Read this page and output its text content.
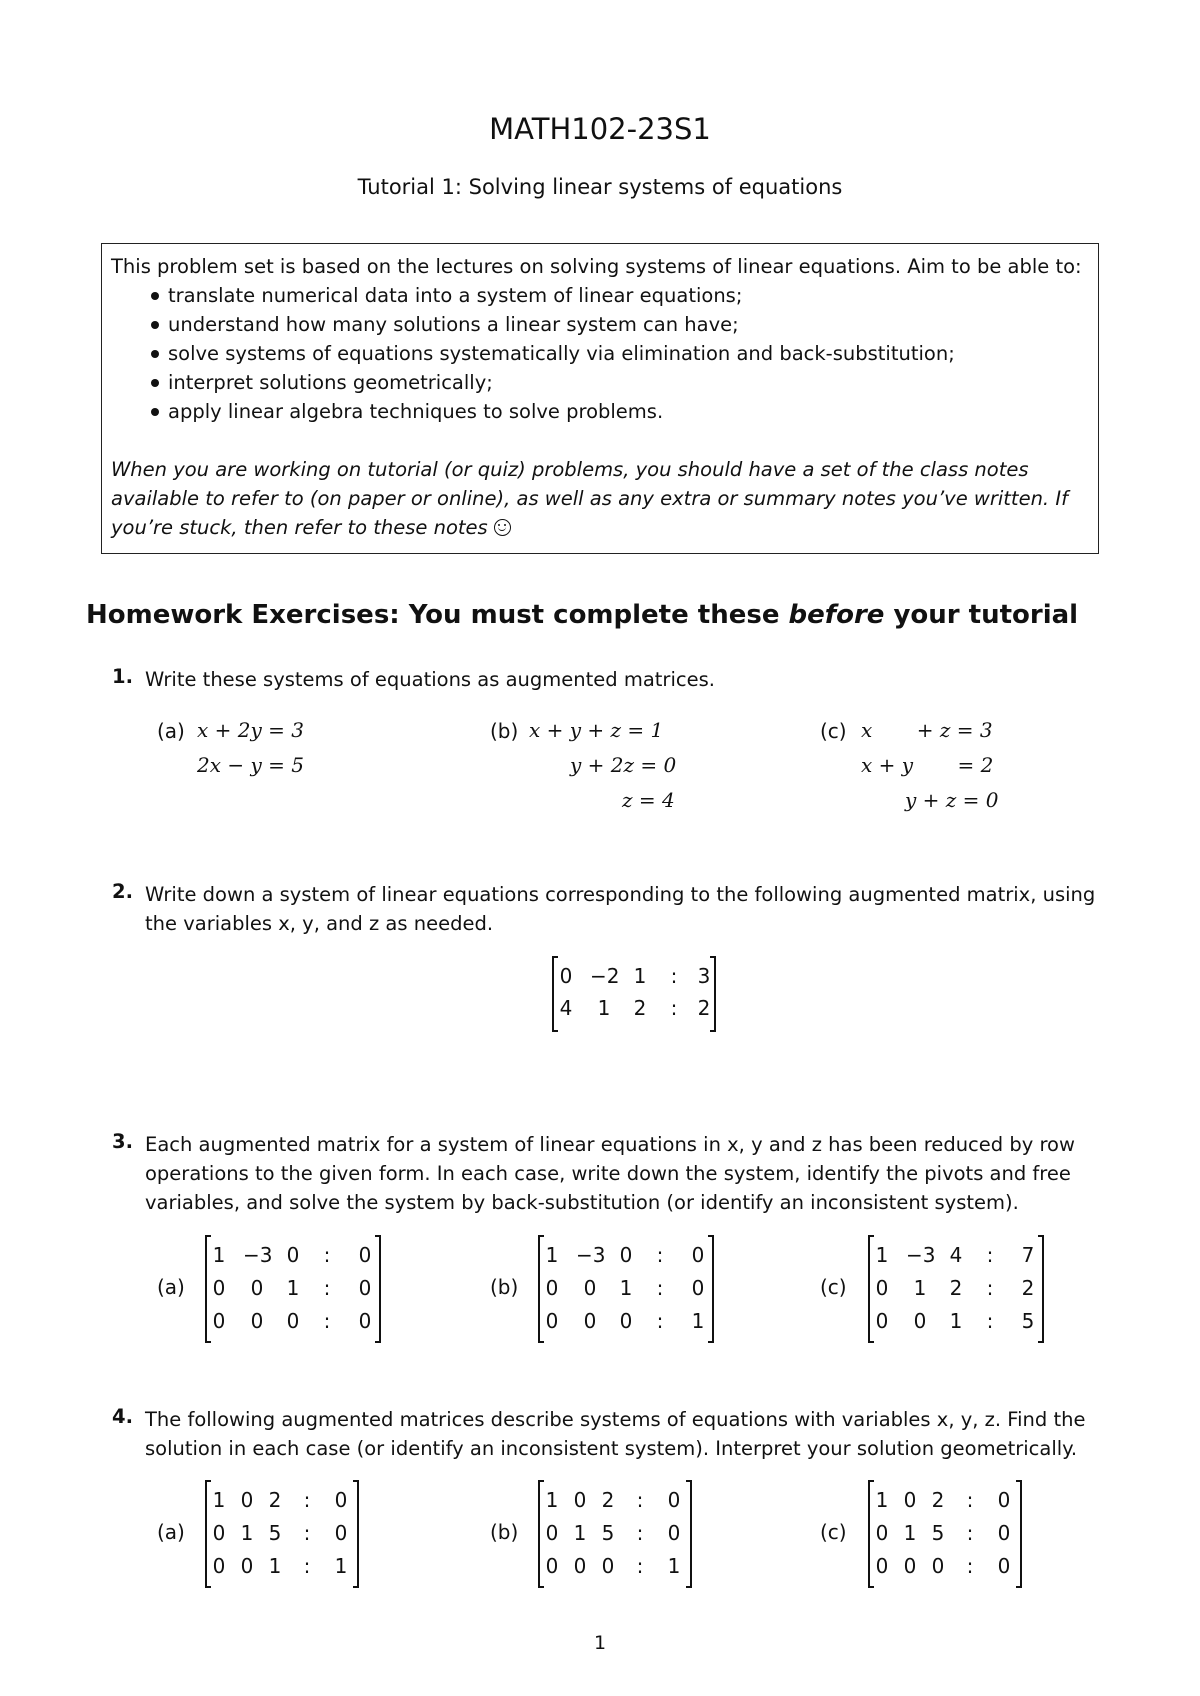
MATH102-23S1
Tutorial 1: Solving linear systems of equations
This problem set is based on the lectures on solving systems of linear equations. Aim to be able to:
translate numerical data into a system of linear equations;
understand how many solutions a linear system can have;
solve systems of equations systematically via elimination and back-substitution;
interpret solutions geometrically;
apply linear algebra techniques to solve problems.
When you are working on tutorial (or quiz) problems, you should have a set of the class notes
available to refer to (on paper or online), as well as any extra or summary notes you’ve written. If
you’re stuck, then refer to these notes
Homework Exercises: You must complete these before your tutorial
1. Write these systems of equations as augmented matrices.
(a) x + 2y = 3
2x − y = 5
(b) x + y + z = 1
y + 2z = 0
z = 4
(c) x       + z = 3
x + y       = 2
y + z = 0
2. Write down a system of linear equations corresponding to the following augmented matrix, using
the variables x, y, and z as needed.
0 −2 1	:	3
4	1	2	:	2
3. Each augmented matrix for a system of linear equations in x, y and z has been reduced by row
operations to the given form. In each case, write down the system, identify the pivots and free
variables, and solve the system by back-substitution (or identify an inconsistent system).
(a)
1 −3 0	:	0
0	0	1	:	0
0	0	0	:	0
(b)
1 −3 0	:	0
0	0	1	:	0
0	0	0	:	1
(c)
1 −3 4	:	7
0	1	2	:	2
0	0	1	:	5
4. The following augmented matrices describe systems of equations with variables x, y, z. Find the
solution in each case (or identify an inconsistent system). Interpret your solution geometrically.
(a)
1 0 2	:	0
0 1 5	:	0
0 0 1	:	1
(b)
1 0 2	:	0
0 1 5	:	0
0 0 0	:	1
(c)
1 0 2	:	0
0 1 5	:	0
0 0 0	:	0
1
